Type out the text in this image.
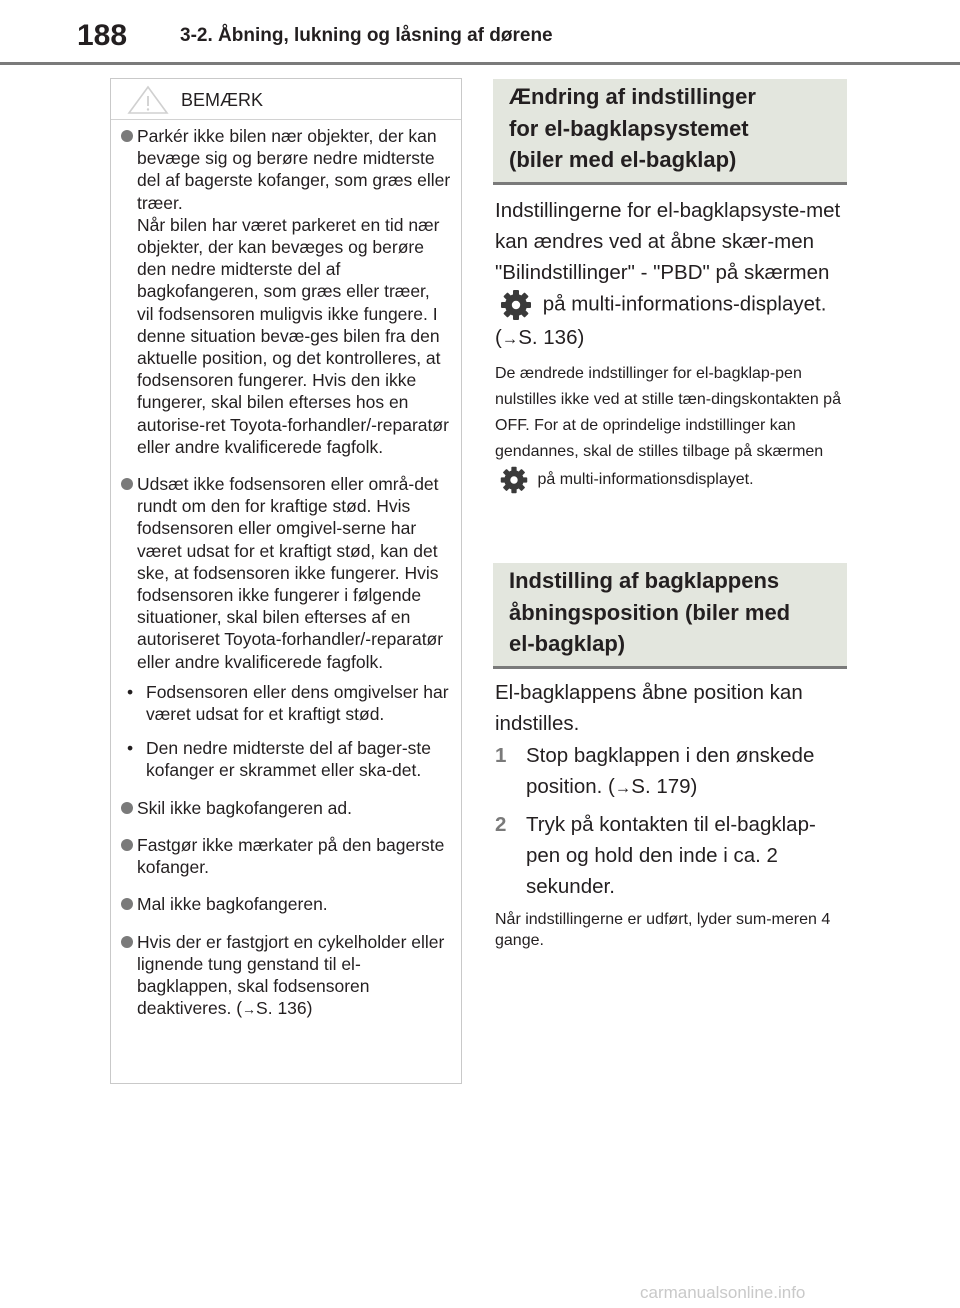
188	3-2. Åbning, lukning og låsning af dørene
BEMÆRK
Parkér ikke bilen nær objekter, der kan bevæge sig og berøre nedre midterste del af bagerste kofanger, som græs eller træer.
Når bilen har været parkeret en tid nær objekter, der kan bevæges og berøre den nedre midterste del af bagkofangeren, som græs eller træer, vil fodsensoren muligvis ikke fungere. I denne situation bevæ-ges bilen fra den aktuelle position, og det kontrolleres, at fodsensoren fungerer. Hvis den ikke fungerer, skal bilen efterses hos en autorise-ret Toyota-forhandler/-reparatør eller andre kvalificerede fagfolk.
Udsæt ikke fodsensoren eller områ-det rundt om den for kraftige stød. Hvis fodsensoren eller omgivel-serne har været udsat for et kraftigt stød, kan det ske, at fodsensoren ikke fungerer. Hvis fodsensoren ikke fungerer i følgende situationer, skal bilen efterses af en autoriseret Toyota-forhandler/-reparatør eller andre kvalificerede fagfolk.
• Fodsensoren eller dens omgivelser har været udsat for et kraftigt stød.
• Den nedre midterste del af bager-ste kofanger er skrammet eller ska-det.
Skil ikke bagkofangeren ad.
Fastgør ikke mærkater på den bagerste kofanger.
Mal ikke bagkofangeren.
Hvis der er fastgjort en cykelholder eller lignende tung genstand til el-bagklappen, skal fodsensoren deaktiveres. (→S. 136)
Ændring af indstillinger
for el-bagklapsystemet
(biler med el-bagklap)
Indstillingerne for el-bagklapsyste-met kan ændres ved at åbne skær-men "Bilindstillinger" - "PBD" på skærmen  på multi-informations-displayet. (→S. 136)
De ændrede indstillinger for el-bagklap-pen nulstilles ikke ved at stille tæn-dingskontakten på OFF. For at de oprindelige indstillinger kan gendannes, skal de stilles tilbage på skærmen  på multi-informationsdisplayet.
Indstilling af bagklappens
åbningsposition (biler med
el-bagklap)
El-bagklappens åbne position kan indstilles.
1 Stop bagklappen i den ønskede position. (→S. 179)
2 Tryk på kontakten til el-bagklap-pen og hold den inde i ca. 2 sekunder.
Når indstillingerne er udført, lyder sum-meren 4 gange.
carmanualsonline.info
